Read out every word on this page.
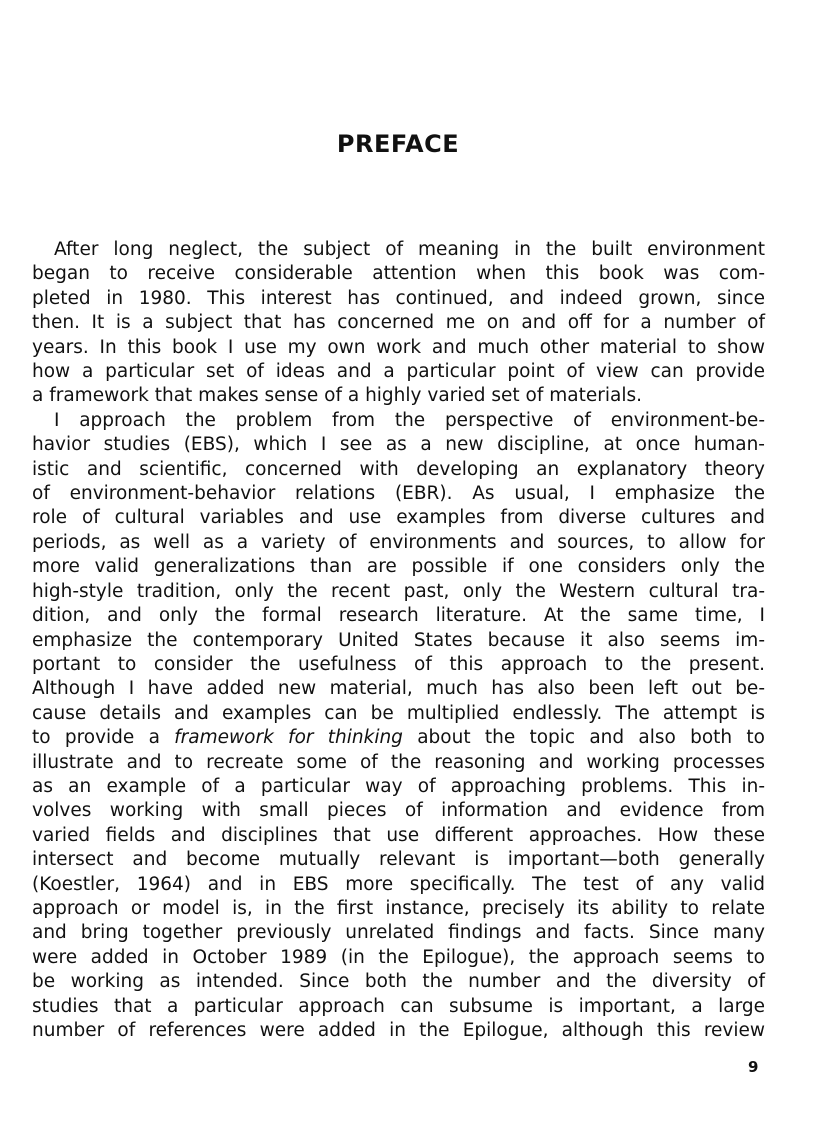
PREFACE
After long neglect, the subject of meaning in the built environment
began to receive considerable attention when this book was com-
pleted in 1980. This interest has continued, and indeed grown, since
then. It is a subject that has concerned me on and off for a number of
years. In this book I use my own work and much other material to show
how a particular set of ideas and a particular point of view can provide
a framework that makes sense of a highly varied set of materials.
I approach the problem from the perspective of environment-be-
havior studies (EBS), which I see as a new discipline, at once human-
istic and scientific, concerned with developing an explanatory theory
of environment-behavior relations (EBR). As usual, I emphasize the
role of cultural variables and use examples from diverse cultures and
periods, as well as a variety of environments and sources, to allow for
more valid generalizations than are possible if one considers only the
high-style tradition, only the recent past, only the Western cultural tra-
dition, and only the formal research literature. At the same time, I
emphasize the contemporary United States because it also seems im-
portant to consider the usefulness of this approach to the present.
Although I have added new material, much has also been left out be-
cause details and examples can be multiplied endlessly. The attempt is
to provide a framework for thinking about the topic and also both to
illustrate and to recreate some of the reasoning and working processes
as an example of a particular way of approaching problems. This in-
volves working with small pieces of information and evidence from
varied fields and disciplines that use different approaches. How these
intersect and become mutually relevant is important—both generally
(Koestler, 1964) and in EBS more specifically. The test of any valid
approach or model is, in the first instance, precisely its ability to relate
and bring together previously unrelated findings and facts. Since many
were added in October 1989 (in the Epilogue), the approach seems to
be working as intended. Since both the number and the diversity of
studies that a particular approach can subsume is important, a large
number of references were added in the Epilogue, although this review
9
